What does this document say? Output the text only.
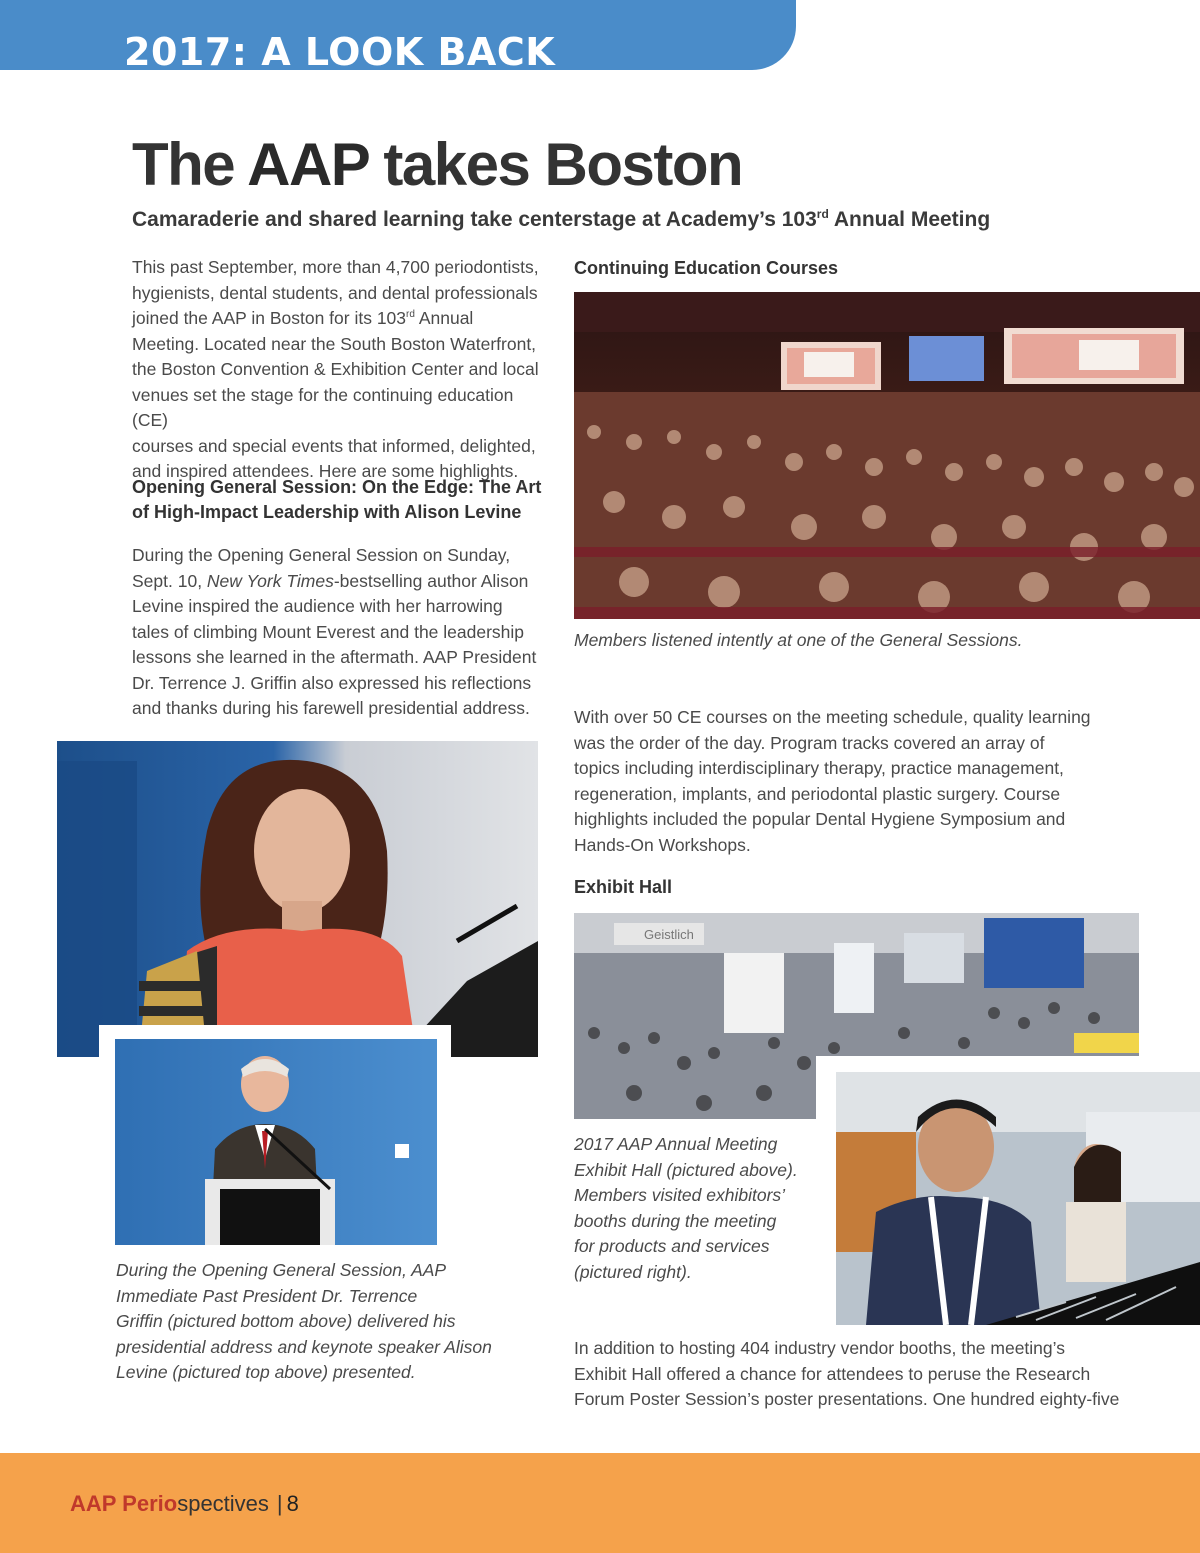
2017: A LOOK BACK
The AAP takes Boston
Camaraderie and shared learning take centerstage at Academy’s 103rd Annual Meeting
This past September, more than 4,700 periodontists,
hygienists, dental students, and dental professionals
joined the AAP in Boston for its 103rd Annual
Meeting. Located near the South Boston Waterfront,
the Boston Convention & Exhibition Center and local
venues set the stage for the continuing education (CE)
courses and special events that informed, delighted,
and inspired attendees. Here are some highlights.
Opening General Session: On the Edge: The Art
of High-Impact Leadership with Alison Levine
During the Opening General Session on Sunday,
Sept. 10, New York Times-bestselling author Alison
Levine inspired the audience with her harrowing
tales of climbing Mount Everest and the leadership
lessons she learned in the aftermath. AAP President
Dr. Terrence J. Griffin also expressed his reflections
and thanks during his farewell presidential address.
During the Opening General Session, AAP
Immediate Past President Dr. Terrence
Griffin (pictured bottom above) delivered his
presidential address and keynote speaker Alison
Levine (pictured top above) presented.
Continuing Education Courses
Members listened intently at one of the General Sessions.
With over 50 CE courses on the meeting schedule, quality learning
was the order of the day. Program tracks covered an array of
topics including interdisciplinary therapy, practice management,
regeneration, implants, and periodontal plastic surgery. Course
highlights included the popular Dental Hygiene Symposium and
Hands-On Workshops.
Exhibit Hall
Geistlich
2017 AAP Annual Meeting
Exhibit Hall (pictured above).
Members visited exhibitors’
booths during the meeting
for products and services
(pictured right).
In addition to hosting 404 industry vendor booths, the meeting’s
Exhibit Hall offered a chance for attendees to peruse the Research
Forum Poster Session’s poster presentations. One hundred eighty-five
AAP Periospectives | 8
